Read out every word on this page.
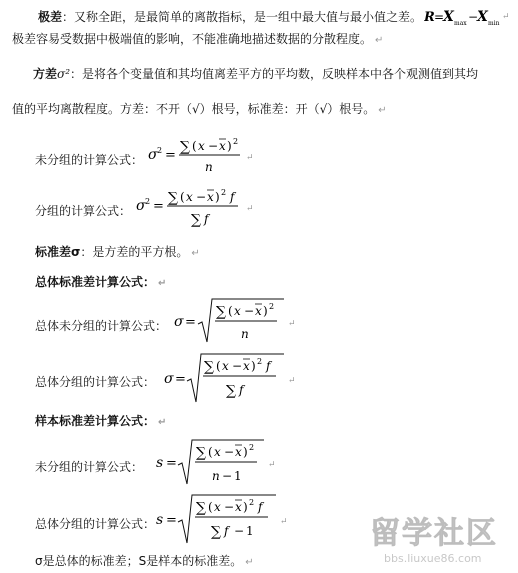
极差：又称全距，是最简单的离散指标，是一组中最大值与最小值之差。 R =
X max −
X min
↵
极差容易受数据中极端值的影响，不能准确地描述数据的分散程度。 ↵
方差σ²：是将各个变量值和其均值离差平方的平均数，反映样本中各个观测值到其均
值的平均离散程度。方差：不开（√）根号，标准差：开（√）根号。 ↵
未分组的计算公式： σ 2 =
∑ ( x − x ) 2
n
↵
分组的计算公式： σ 2 =
∑ ( x − x ) 2 f
∑ f
↵
标准差σ：是方差的平方根。 ↵
总体标准差计算公式： ↵
总体未分组的计算公式： σ =
∑ ( x − x ) 2
n
↵
总体分组的计算公式： σ =
∑ ( x − x ) 2 f
∑ f
↵
样本标准差计算公式： ↵
未分组的计算公式： s =
∑ ( x − x ) 2
n − 1
↵
总体分组的计算公式： s =
∑ ( x − x ) 2 f
∑ f − 1
↵
σ是总体的标准差；S是样本的标准差。 ↵
留学社区
bbs.liuxue86.com
